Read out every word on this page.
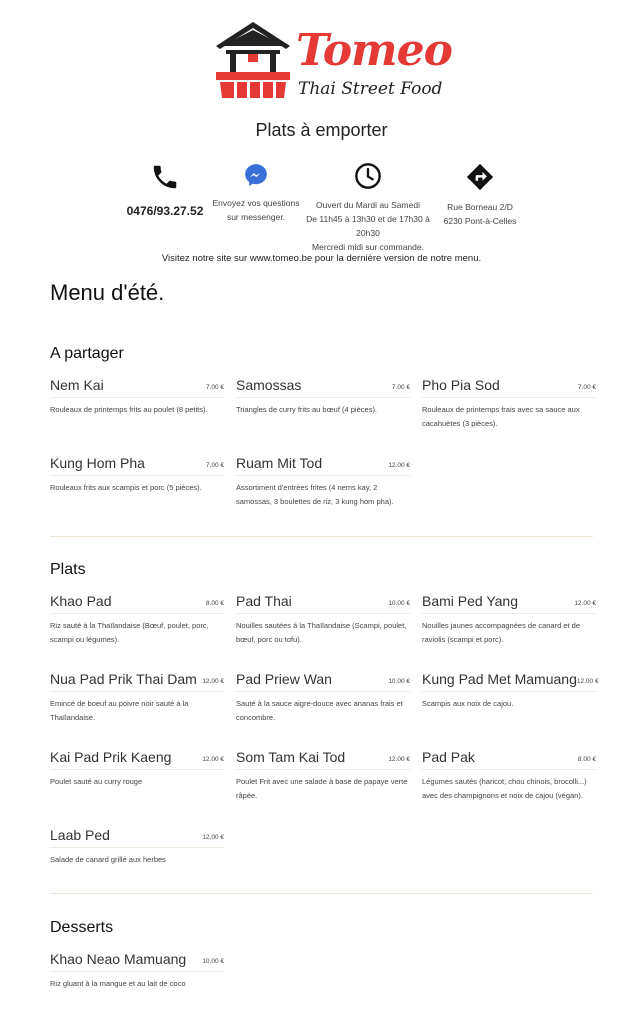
Tomeo
Thai Street Food
Plats à emporter
0476/93.27.52
Envoyez vos questions
sur messenger.
Ouvert du Mardi au Samedi
De 11h45 à 13h30 et de 17h30 à 20h30
Mercredi midi sur commande.
Rue Borneau 2/D
6230 Pont-à-Celles
Visitez notre site sur www.tomeo.be pour la dernière version de notre menu.
Menu d'été.
A partager
Nem Kai	7.00 €
Rouleaux de printemps frits au poulet (8 petits).
Samossas	7.00 €
Triangles de curry frits au bœuf (4 pièces).
Pho Pia Sod	7.00 €
Rouleaux de printemps frais avec sa sauce aux cacahuètes (3 pièces).
Kung Hom Pha	7.00 €
Rouleaux frits aux scampis et porc (5 pièces).
Ruam Mit Tod	12.00 €
Assortiment d'entrées frites (4 nems kay, 2 samossas, 3 boulettes de riz, 3 kung hom pha).
Plats
Khao Pad	8.00 €
Riz sauté à la Thaïlandaise (Bœuf, poulet, porc, scampi ou légumes).
Pad Thai	10.00 €
Nouilles sautées à la Thaïlandaise (Scampi, poulet, bœuf, porc ou tofu).
Bami Ped Yang	12.00 €
Nouilles jaunes accompagnées de canard et de raviolis (scampi et porc).
Nua Pad Prik Thai Dam 12.00 €
Emincé de boeuf au poivre noir sauté à la Thaïlandaise.
Pad Priew Wan	10.00 €
Sauté à la sauce aigre-douce avec ananas frais et concombre.
Kung Pad Met Mamuang 12.00 €
Scampis aux noix de cajou.
Kai Pad Prik Kaeng	12.00 €
Poulet sauté au curry rouge
Som Tam Kai Tod	12.00 €
Poulet Frit avec une salade à base de papaye verte râpée.
Pad Pak	8.00 €
Légumes sautés (haricot, chou chinois, brocolli...) avec des champignons et noix de cajou (végan).
Laab Ped	12.00 €
Salade de canard grillé aux herbes
Desserts
Khao Neao Mamuang 10.00 €
Riz gluant à la mangue et au lait de coco
